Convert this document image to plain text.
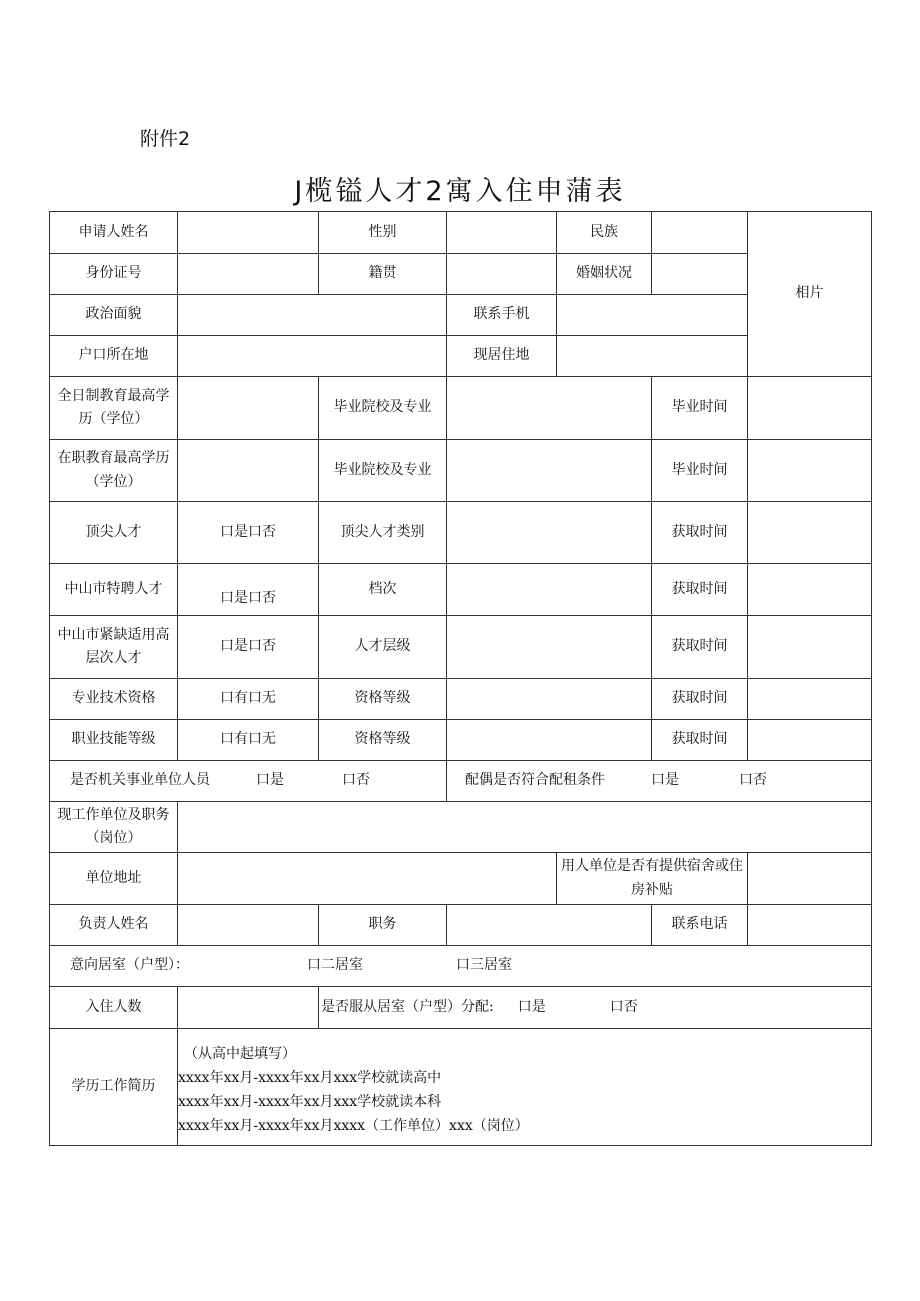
附件2
J榄镒人才2寓入住申蒲表
申请人姓名		性别		民族		相片
身份证号		籍贯		婚姻状况		
政治面貌			联系手机			
户口所在地			现居住地			
全日制教育最高学历（学位）		毕业院校及专业			毕业时间	
在职教育最高学历（学位）		毕业院校及专业			毕业时间	
顶尖人才	口是口否	顶尖人才类别			获取时间	
中山市特聘人才	口是口否	档次			获取时间	
中山市紧缺适用高层次人才	口是口否	人才层级			获取时间	
专业技术资格	口有口无	资格等级			获取时间	
职业技能等级	口有口无	资格等级			获取时间	

是否机关事业单位人员 口是 口否			配偶是否符合配租条件 口是 口否			

现工作单位及职务（岗位）						
单位地址				用人单位是否有提供宿舍或住房补贴		
负责人姓名		职务			联系电话	

意向居室（户型）： 口二居室 口三居室						

入住人数		是否服从居室（户型）分配: 口是 口否				

学历工作简历	（从高中起填写）
xxxx年xx月-xxxx年xx月xxx学校就读高中
xxxx年xx月-xxxx年xx月xxx学校就读本科
xxxx年xx月-xxxx年xx月xxxx（工作单位）xxx（岗位）					
